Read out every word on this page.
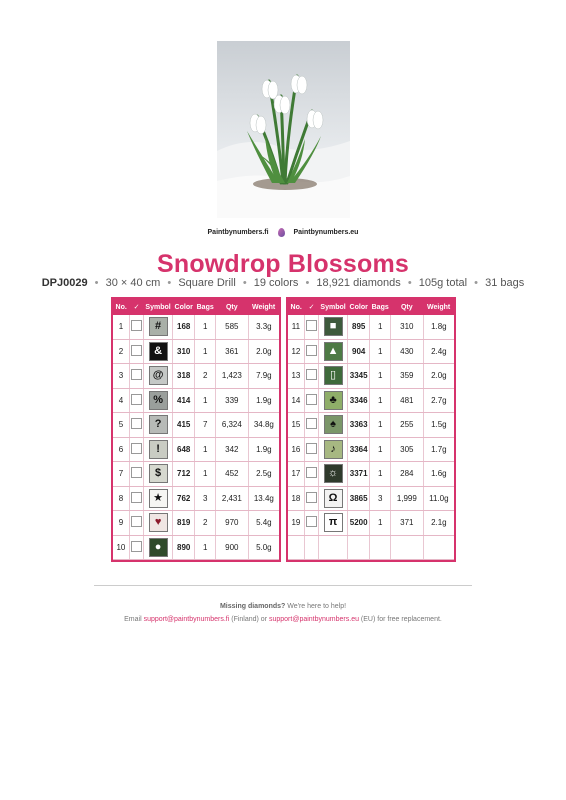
Paintbynumbers.fi	Paintbynumbers.eu
Snowdrop Blossoms
DPJ0029 • 30 × 40 cm • Square Drill • 19 colors • 18,921 diamonds • 105g total • 31 bags
No.	✓	Symbol	Color	Bags	Qty	Weight
1		#	168	1	585	3.3g
2		&	310	1	361	2.0g
3		@	318	2	1,423	7.9g
4		%	414	1	339	1.9g
5		?	415	7	6,324	34.8g
6		!	648	1	342	1.9g
7		$	712	1	452	2.5g
8		★	762	3	2,431	13.4g
9		♥	819	2	970	5.4g
10		●	890	1	900	5.0g
No.	✓	Symbol	Color	Bags	Qty	Weight
11		■	895	1	310	1.8g
12		▲	904	1	430	2.4g
13		▯	3345	1	359	2.0g
14		♣	3346	1	481	2.7g
15		♠	3363	1	255	1.5g
16		♪	3364	1	305	1.7g
17		☼	3371	1	284	1.6g
18		Ω	3865	3	1,999	11.0g
19		π	5200	1	371	2.1g

Missing diamonds? We're here to help!
Email support@paintbynumbers.fi (Finland) or support@paintbynumbers.eu (EU) for free replacement.
